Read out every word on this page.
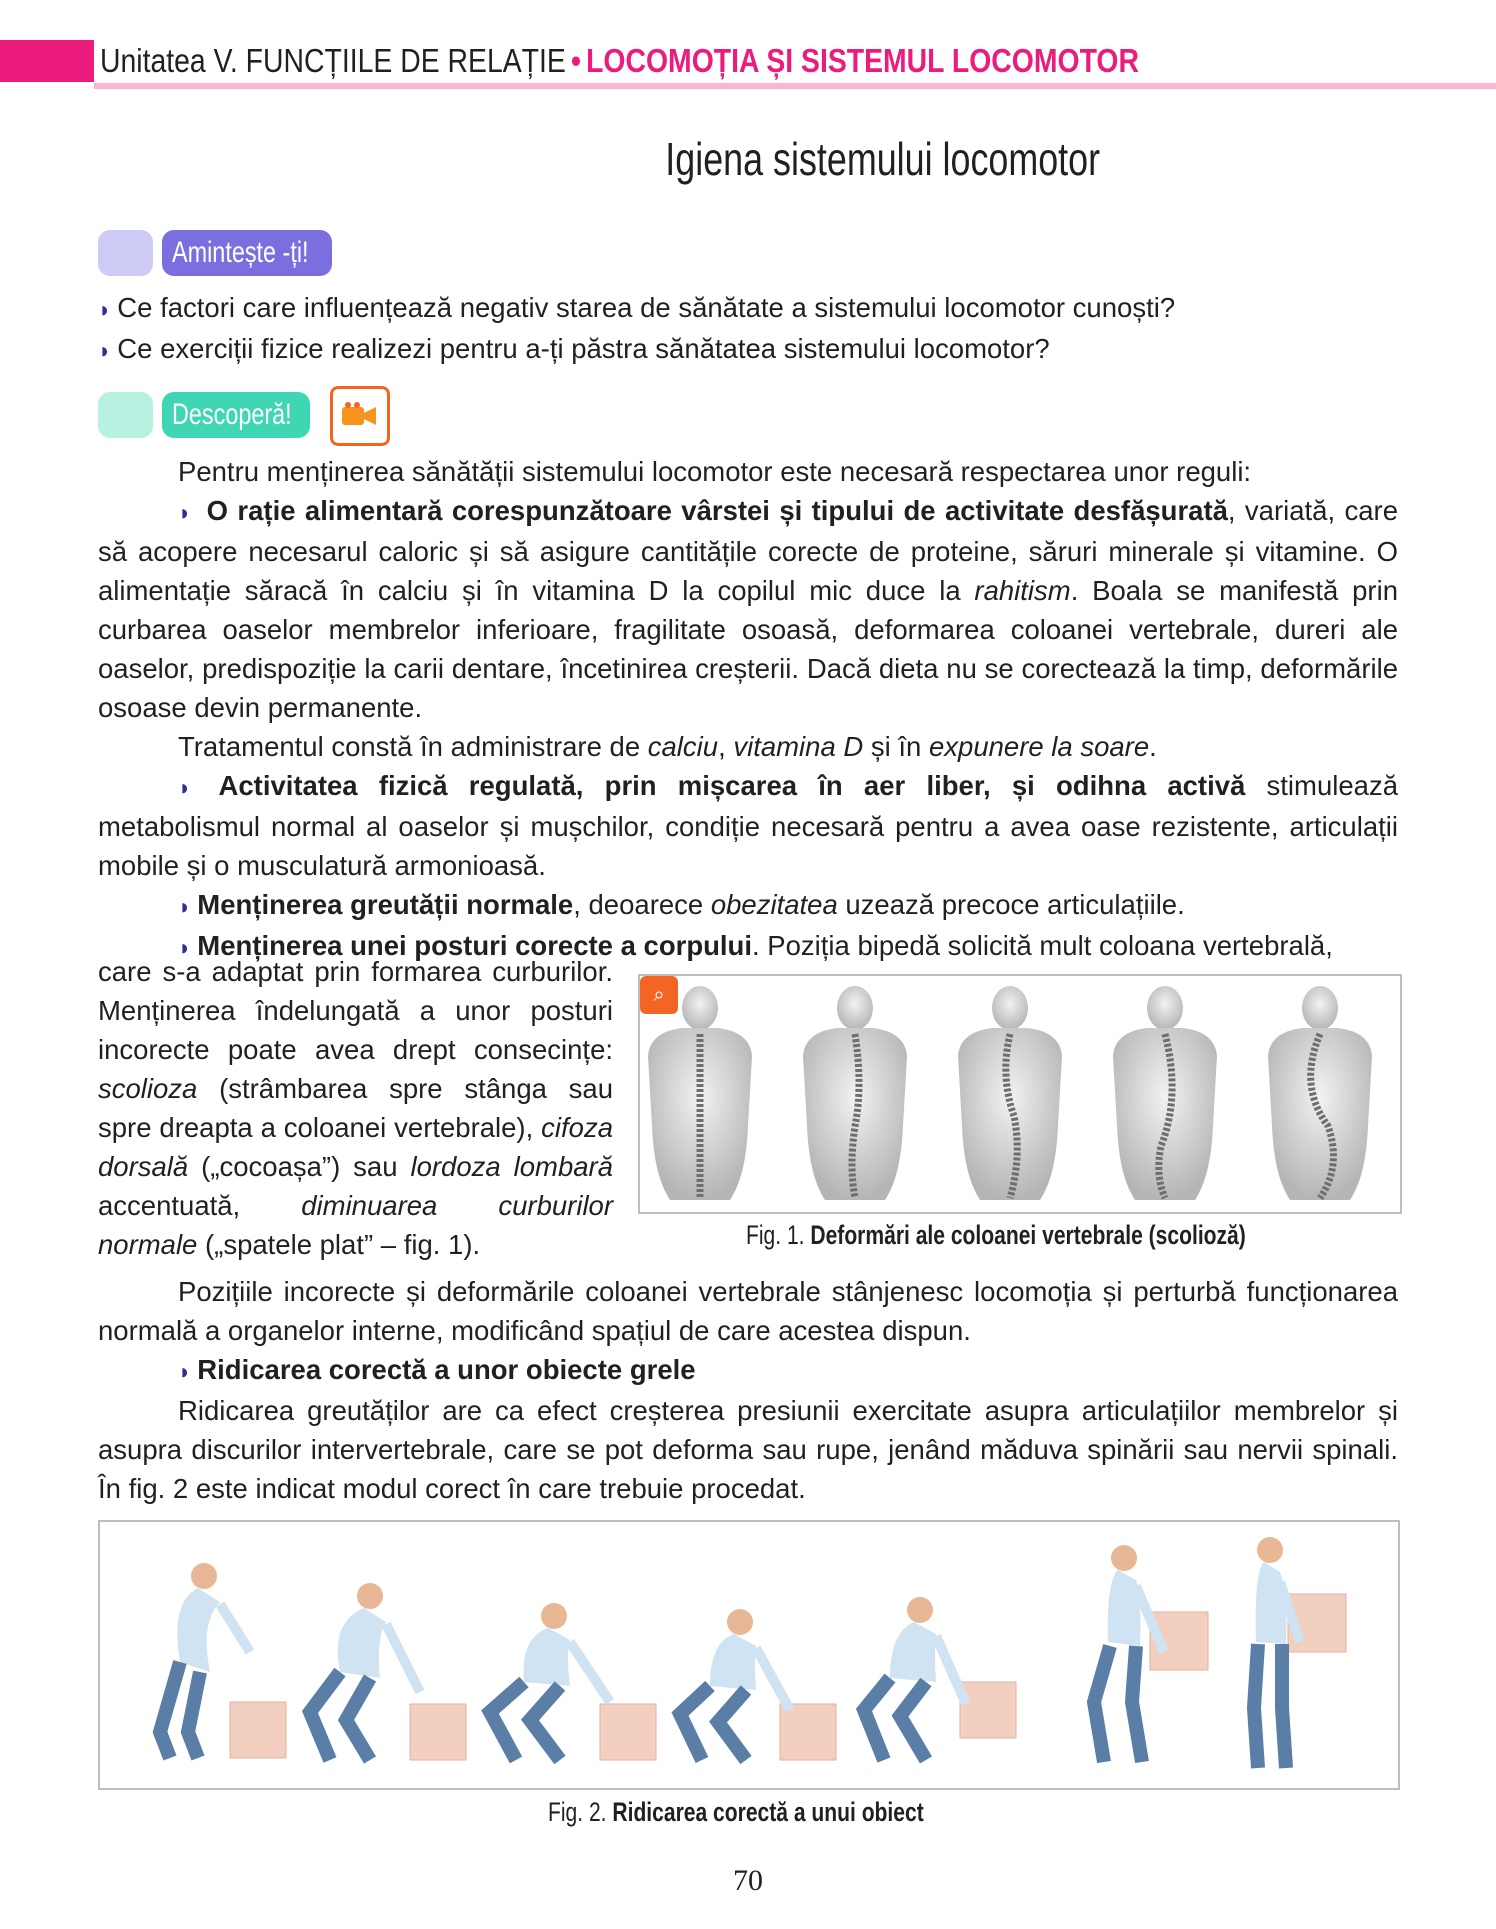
Unitatea V. FUNCȚIILE DE RELAȚIE • LOCOMOȚIA ȘI SISTEMUL LOCOMOTOR
Igiena sistemului locomotor
Amintește -ți!
◗ Ce factori care influențează negativ starea de sănătate a sistemului locomotor cunoști?
◗ Ce exerciții fizice realizezi pentru a-ți păstra sănătatea sistemului locomotor?
Descoperă!
Pentru menținerea sănătății sistemului locomotor este necesară respectarea unor reguli:
◗ O rație alimentară corespunzătoare vârstei și tipului de activitate desfășurată, variată, care să acopere necesarul caloric și să asigure cantitățile corecte de proteine, săruri minerale și vitamine. O alimentație săracă în calciu și în vitamina D la copilul mic duce la rahitism. Boala se manifestă prin curbarea oaselor membrelor inferioare, fragilitate osoasă, deformarea coloanei vertebrale, dureri ale oaselor, predispoziție la carii dentare, încetinirea creșterii. Dacă dieta nu se corectează la timp, deformările osoase devin permanente.
Tratamentul constă în administrare de calciu, vitamina D și în expunere la soare.
◗ Activitatea fizică regulată, prin mișcarea în aer liber, și odihna activă stimulează metabolismul normal al oaselor și mușchilor, condiție necesară pentru a avea oase rezistente, articulații mobile și o musculatură armonioasă.
◗ Menținerea greutății normale, deoarece obezitatea uzează precoce articulațiile.
◗ Menținerea unei posturi corecte a corpului. Poziția bipedă solicită mult coloana vertebrală,
care s-a adaptat prin formarea curburilor. Menținerea îndelungată a unor posturi incorecte poate avea drept consecințe: scolioza (strâmbarea spre stânga sau spre dreapta a coloanei vertebrale), cifoza dorsală („cocoașa”) sau lordoza lombară accentuată, diminuarea curburilor normale („spatele plat” – fig. 1).
⌕
Fig. 1. Deformări ale coloanei vertebrale (scolioză)
Pozițiile incorecte și deformările coloanei vertebrale stânjenesc locomoția și perturbă funcționarea normală a organelor interne, modificând spațiul de care acestea dispun.
◗ Ridicarea corectă a unor obiecte grele
Ridicarea greutăților are ca efect creșterea presiunii exercitate asupra articulațiilor membrelor și asupra discurilor intervertebrale, care se pot deforma sau rupe, jenând măduva spinării sau nervii spinali. În fig. 2 este indicat modul corect în care trebuie procedat.
Fig. 2. Ridicarea corectă a unui obiect
70
